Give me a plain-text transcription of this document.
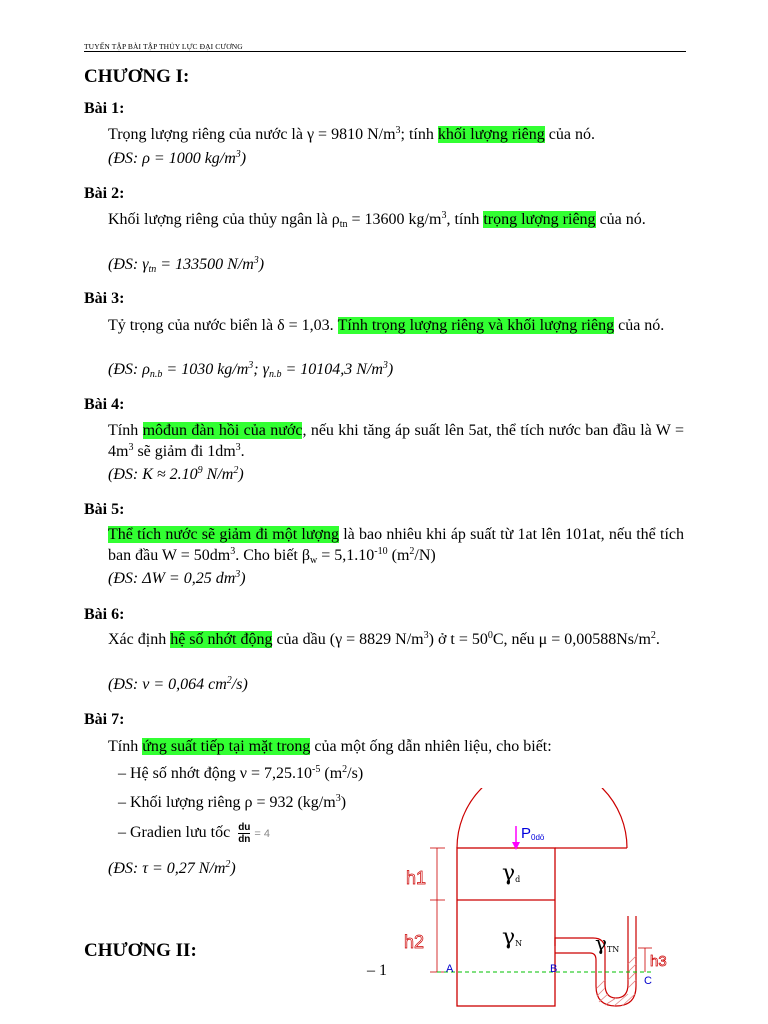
TUYỂN TẬP BÀI TẬP THỦY LỰC ĐẠI CƯƠNG
CHƯƠNG I:
Bài 1:
Trọng lượng riêng của nước là γ = 9810 $N/m^3$; tính khối lượng riêng của nó.
(ĐS: ρ = 1000 $kg/m^3$)
Bài 2:
Khối lượng riêng của thủy ngân là $\rho_{tn} = 13600$ $kg/m^3$, tính trọng lượng riêng của nó.
(ĐS: $\gamma_{tn} = 133500$ $N/m^3$)
Bài 3:
Tỷ trọng của nước biển là δ = 1,03. Tính trọng lượng riêng và khối lượng riêng của nó.
(ĐS: $\rho_{n.b} = 1030$ $kg/m^3$; $\gamma_{n.b} = 10104,3$ $N/m^3$)
Bài 4:
Tính môđun đàn hồi của nước, nếu khi tăng áp suất lên 5at, thể tích nước ban đầu là $W = 4m^3$ sẽ giảm đi $1dm^3$.
(ĐS: $K \approx 2.10^9$ $N/m^2$)
Bài 5:
Thể tích nước sẽ giảm đi một lượng là bao nhiêu khi áp suất từ 1at lên 101at, nếu thể tích ban đầu $W = 50dm^3$. Cho biết $\beta_w = 5,1.10^{-10}$ $(m^2/N)$
(ĐS: ΔW = 0,25 $dm^3$)
Bài 6:
Xác định hệ số nhớt động của dầu (γ = 8829 $N/m^3$) ở $t = 50^0C$, nếu $\mu = 0,00588Ns/m^2$.
(ĐS: ν = 0,064 $cm^2/s$)
Bài 7:
Tính ứng suất tiếp tại mặt trong của một ống dẫn nhiên liệu, cho biết:
– Hệ số nhớt động $\nu = 7,25.10^{-5}$ $(m^2/s)$
– Khối lượng riêng ρ = 932 $(kg/m^3)$
– Gradien lưu tốc $\frac{du}{dn} = 4$
(ĐS: τ = 0,27 $N/m^2$)
CHƯƠNG II:
– 1
P0dö
h1
h2
h3
γd
γN	γTN
A	B
C
